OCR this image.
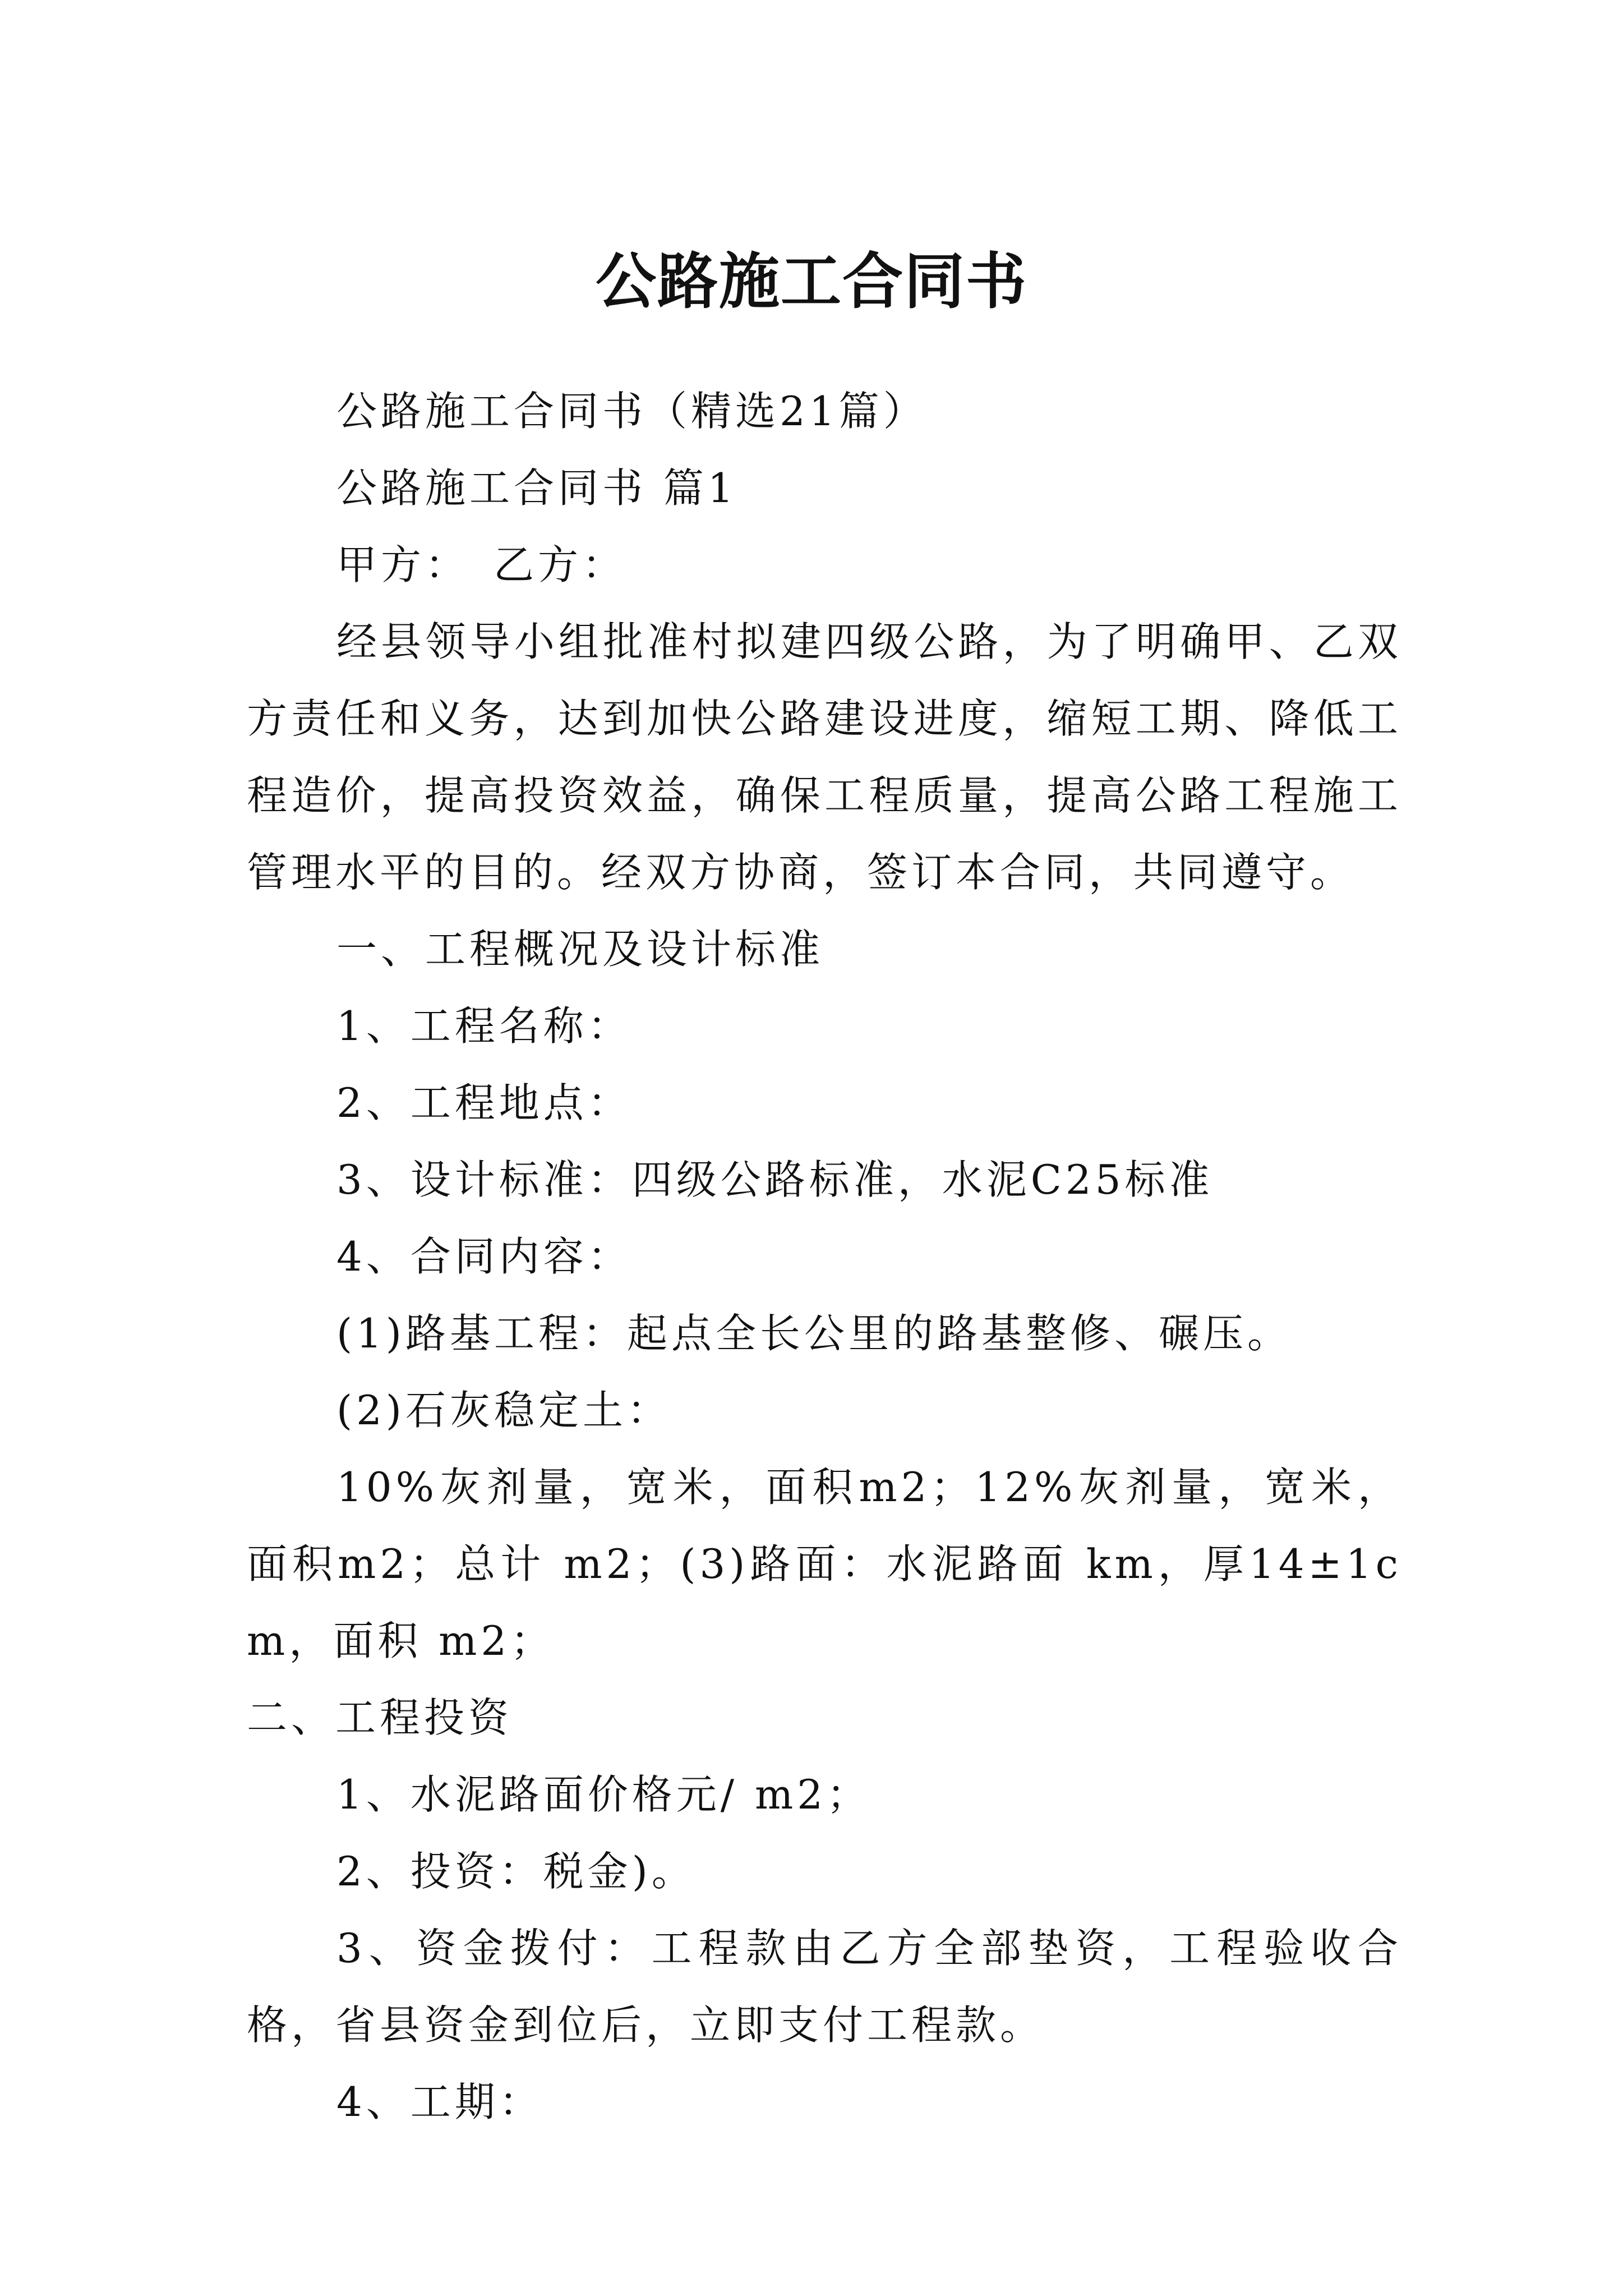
公路施工合同书

公路施工合同书（精选21篇）

公路施工合同书 篇1

甲方：　乙方：

经县领导小组批准村拟建四级公路，为了明确甲、乙双方责任和义务，达到加快公路建设进度，缩短工期、降低工程造价，提高投资效益，确保工程质量，提高公路工程施工管理水平的目的。经双方协商，签订本合同，共同遵守。

一、工程概况及设计标准

1、工程名称：

2、工程地点：

3、设计标准：四级公路标准，水泥C25标准

4、合同内容：

(1)路基工程：起点全长公里的路基整修、碾压。

(2)石灰稳定土：

10%灰剂量，宽米，面积m2；12%灰剂量，宽米，面积m2；总计 m2；(3)路面：水泥路面 km，厚14±1cm，面积 m2；

二、工程投资

1、水泥路面价格元/ m2；

2、投资：税金)。

3、资金拨付：工程款由乙方全部垫资，工程验收合格，省县资金到位后，立即支付工程款。

4、工期：
